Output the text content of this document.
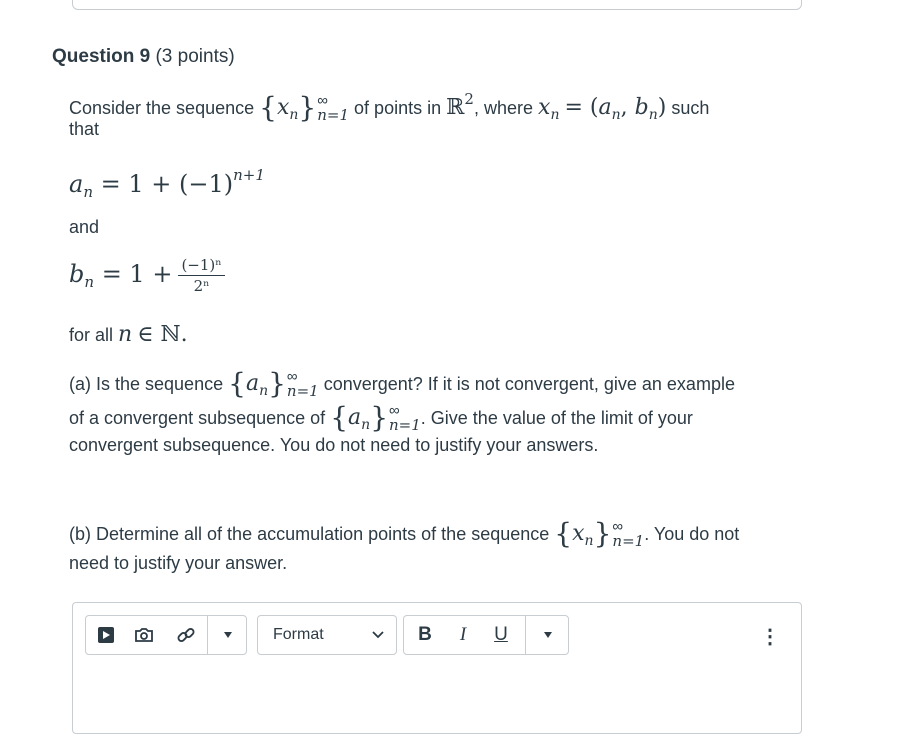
Question 9 (3 points)
Consider the sequence $\{x_n\}$ ∞
n=1 of points in ℝ$^2$, where $x_n = (a_n$, $b_n$) such
that
$a_n = 1 + (-1)^{n+1}$
and
$b_n = 1 + \frac{\text{(−1)ⁿ}}{\text{2ⁿ}}$
for all n ∈ ℕ.
(a) Is the sequence $\{a_n\}$ ∞
n=1 convergent? If it is not convergent, give an example
of a convergent subsequence of $\{a_n\}$ ∞
n=1 . Give the value of the limit of your
convergent subsequence. You do not need to justify your answers.
(b) Determine all of the accumulation points of the sequence $\{x_n\}$ ∞
n=1 . You do not
need to justify your answer.
Format	B	I	U	⋮
